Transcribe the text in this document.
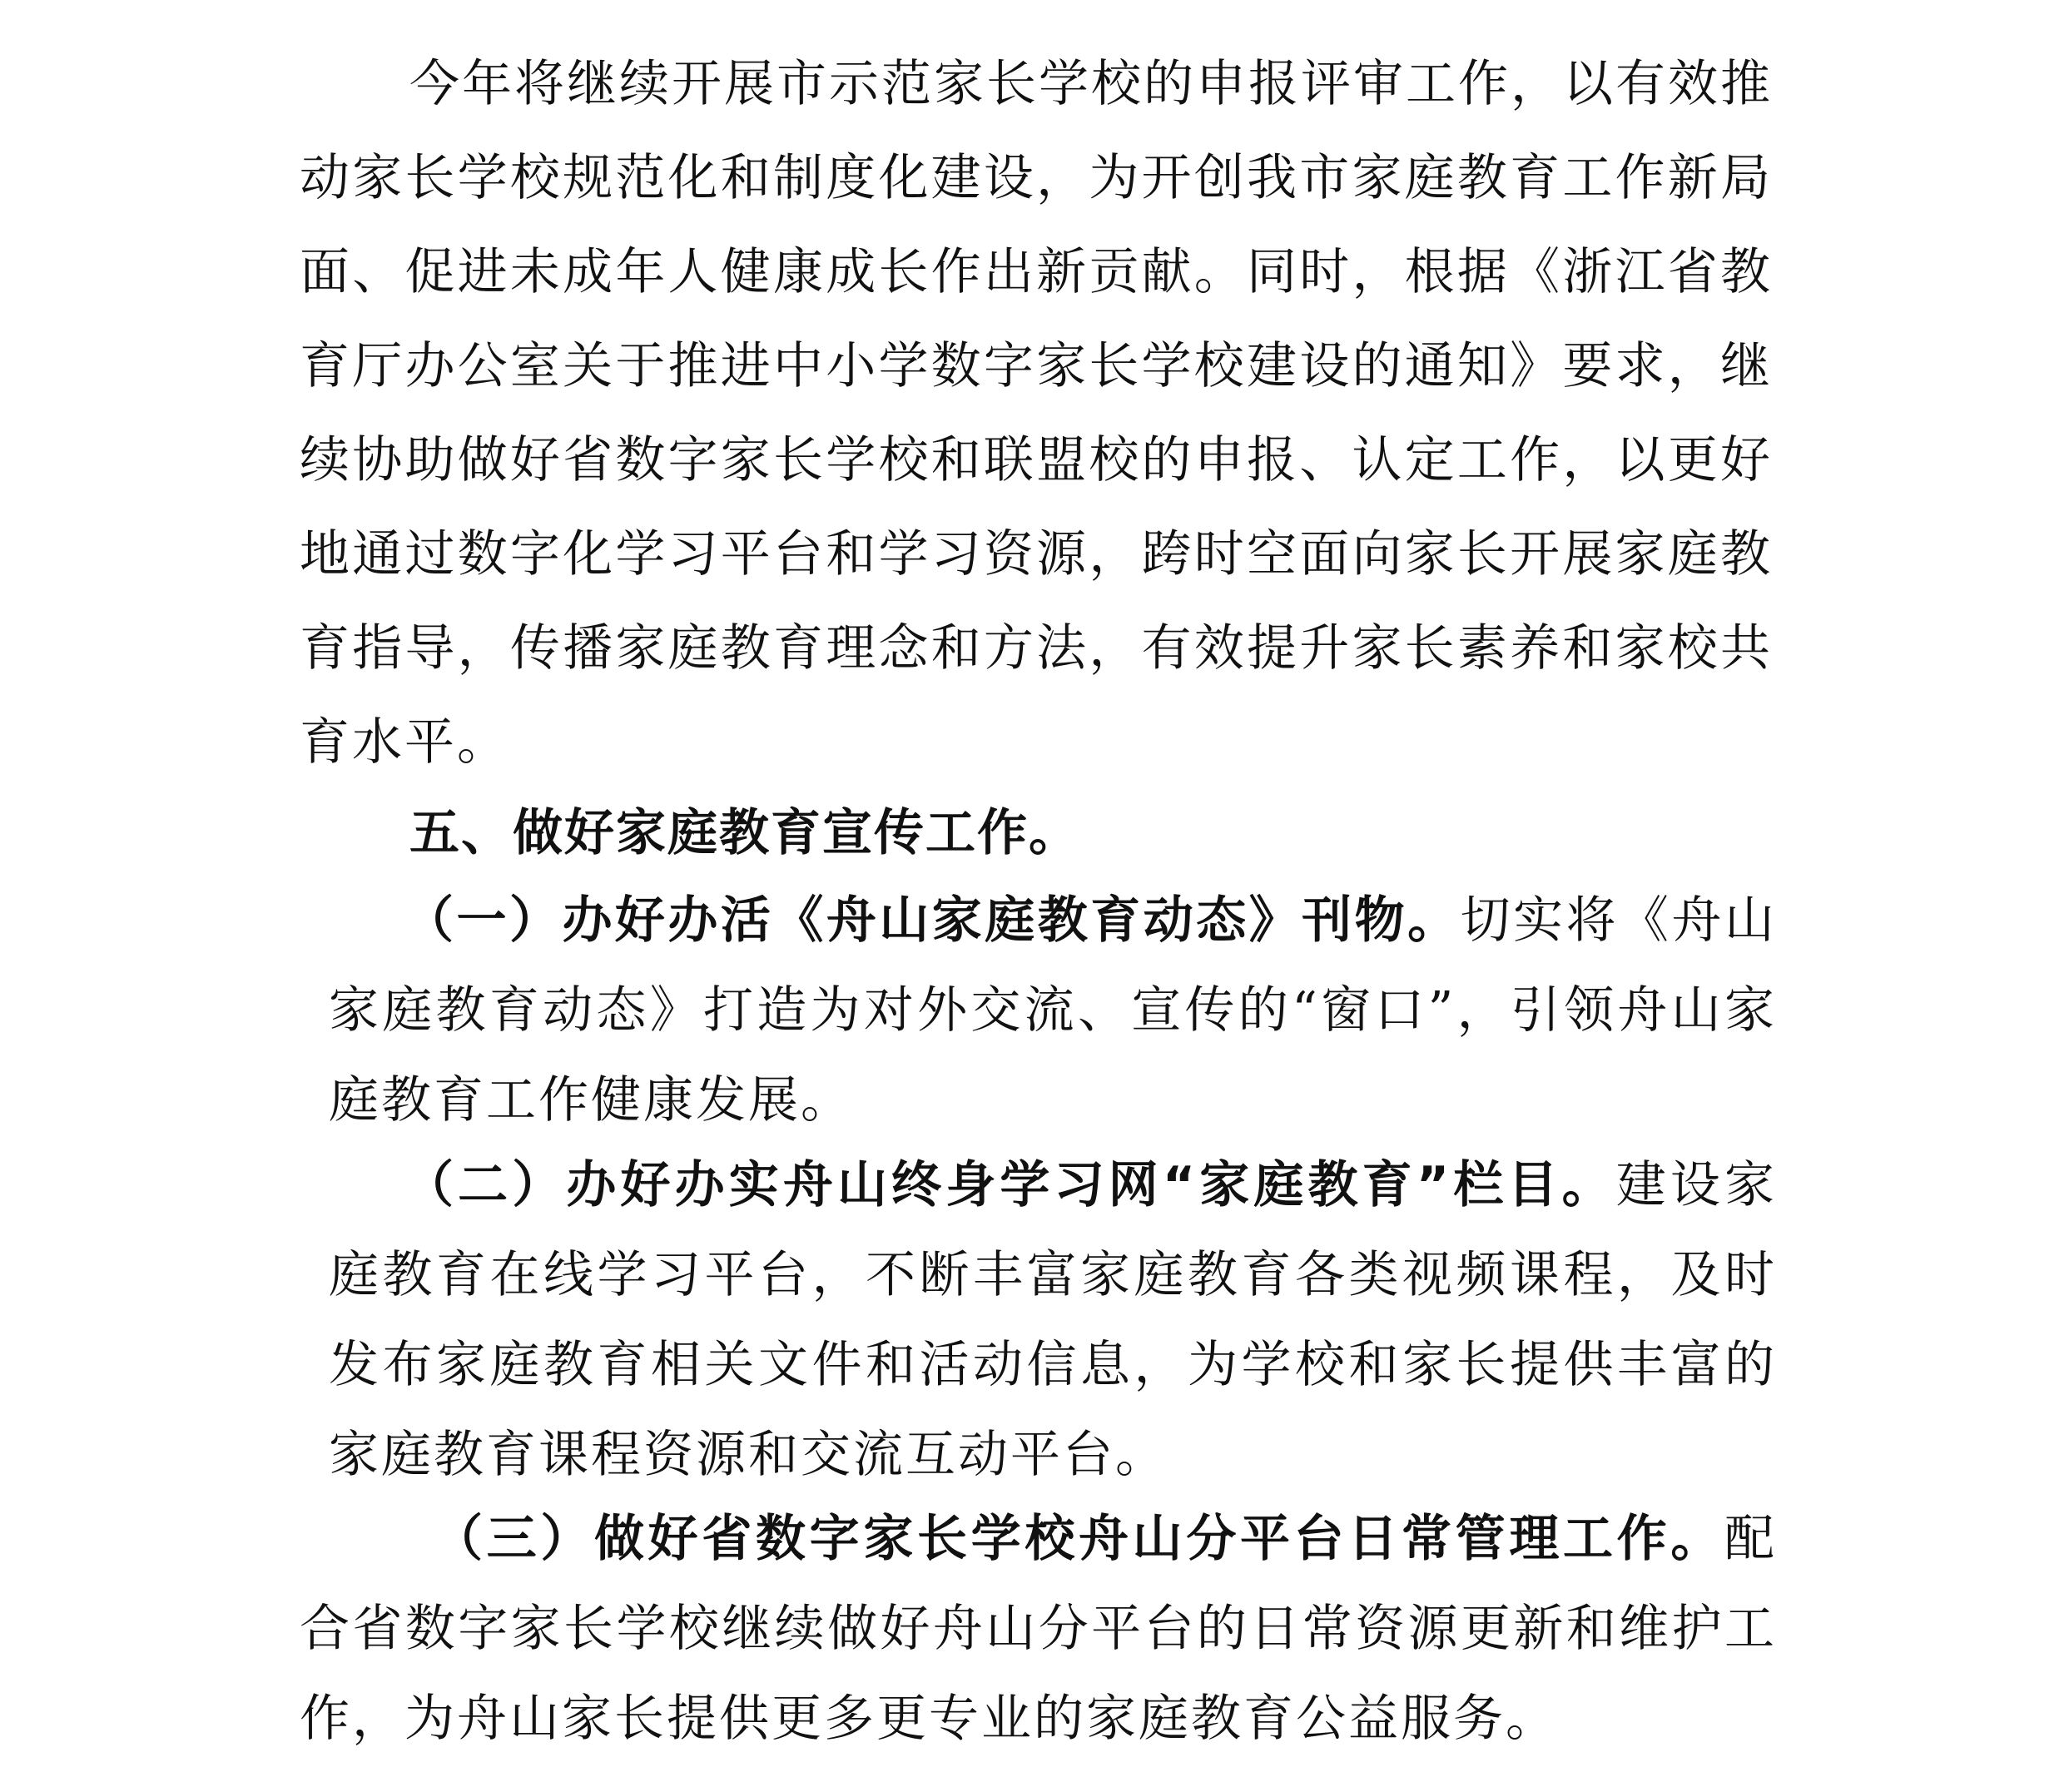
今年将继续开展市示范家长学校的申报评审工作，以有效推动家长学校规范化和制度化建设，为开创我市家庭教育工作新局面、促进未成年人健康成长作出新贡献。同时，根据《浙江省教育厅办公室关于推进中小学数字家长学校建设的通知》要求，继续协助做好省数字家长学校和联盟校的申报、认定工作，以更好地通过数字化学习平台和学习资源，跨时空面向家长开展家庭教育指导，传播家庭教育理念和方法，有效提升家长素养和家校共育水平。

五、做好家庭教育宣传工作。

（一）办好办活《舟山家庭教育动态》刊物。切实将《舟山家庭教育动态》打造为对外交流、宣传的“窗口”，引领舟山家庭教育工作健康发展。

（二）办好办实舟山终身学习网“家庭教育”栏目。建设家庭教育在线学习平台，不断丰富家庭教育各类视频课程，及时发布家庭教育相关文件和活动信息，为学校和家长提供丰富的家庭教育课程资源和交流互动平台。

（三）做好省数字家长学校舟山分平台日常管理工作。配合省数字家长学校继续做好舟山分平台的日常资源更新和维护工作，为舟山家长提供更多更专业的家庭教育公益服务。
